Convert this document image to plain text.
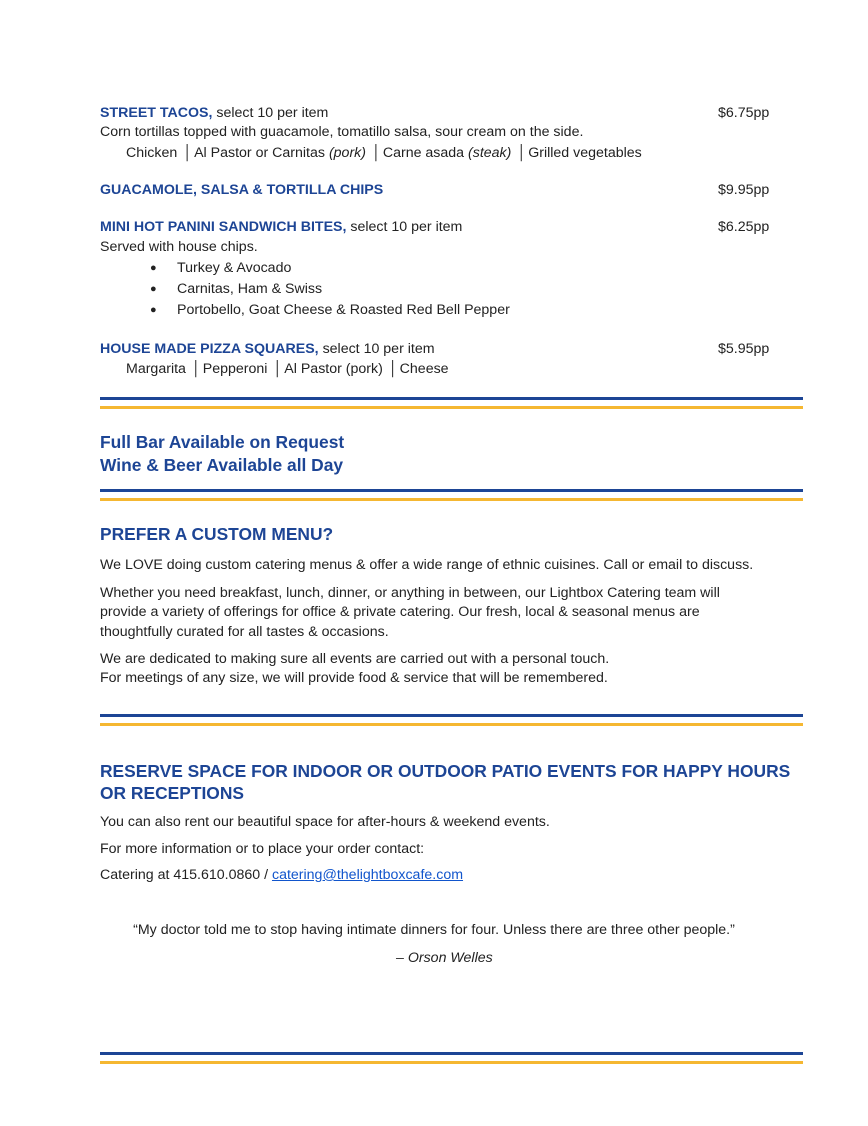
STREET TACOS, select 10 per item	$6.75pp
Corn tortillas topped with guacamole, tomatillo salsa, sour cream on the side.
Chicken │ Al Pastor or Carnitas (pork) │ Carne asada (steak) │ Grilled vegetables
GUACAMOLE, SALSA & TORTILLA CHIPS	$9.95pp
MINI HOT PANINI SANDWICH BITES, select 10 per item	$6.25pp
Served with house chips.
● Turkey & Avocado
● Carnitas, Ham & Swiss
● Portobello, Goat Cheese & Roasted Red Bell Pepper
HOUSE MADE PIZZA SQUARES, select 10 per item	$5.95pp
Margarita │ Pepperoni │ Al Pastor (pork) │ Cheese
Full Bar Available on Request
Wine & Beer Available all Day
PREFER A CUSTOM MENU?
We LOVE doing custom catering menus & offer a wide range of ethnic cuisines. Call or email to discuss.
Whether you need breakfast, lunch, dinner, or anything in between, our Lightbox Catering team will
provide a variety of offerings for office & private catering. Our fresh, local & seasonal menus are
thoughtfully curated for all tastes & occasions.
We are dedicated to making sure all events are carried out with a personal touch.
For meetings of any size, we will provide food & service that will be remembered.
RESERVE SPACE FOR INDOOR OR OUTDOOR PATIO EVENTS FOR HAPPY HOURS
OR RECEPTIONS
You can also rent our beautiful space for after-hours & weekend events.
For more information or to place your order contact:
Catering at 415.610.0860 / catering@thelightboxcafe.com
“My doctor told me to stop having intimate dinners for four. Unless there are three other people.”
– Orson Welles
